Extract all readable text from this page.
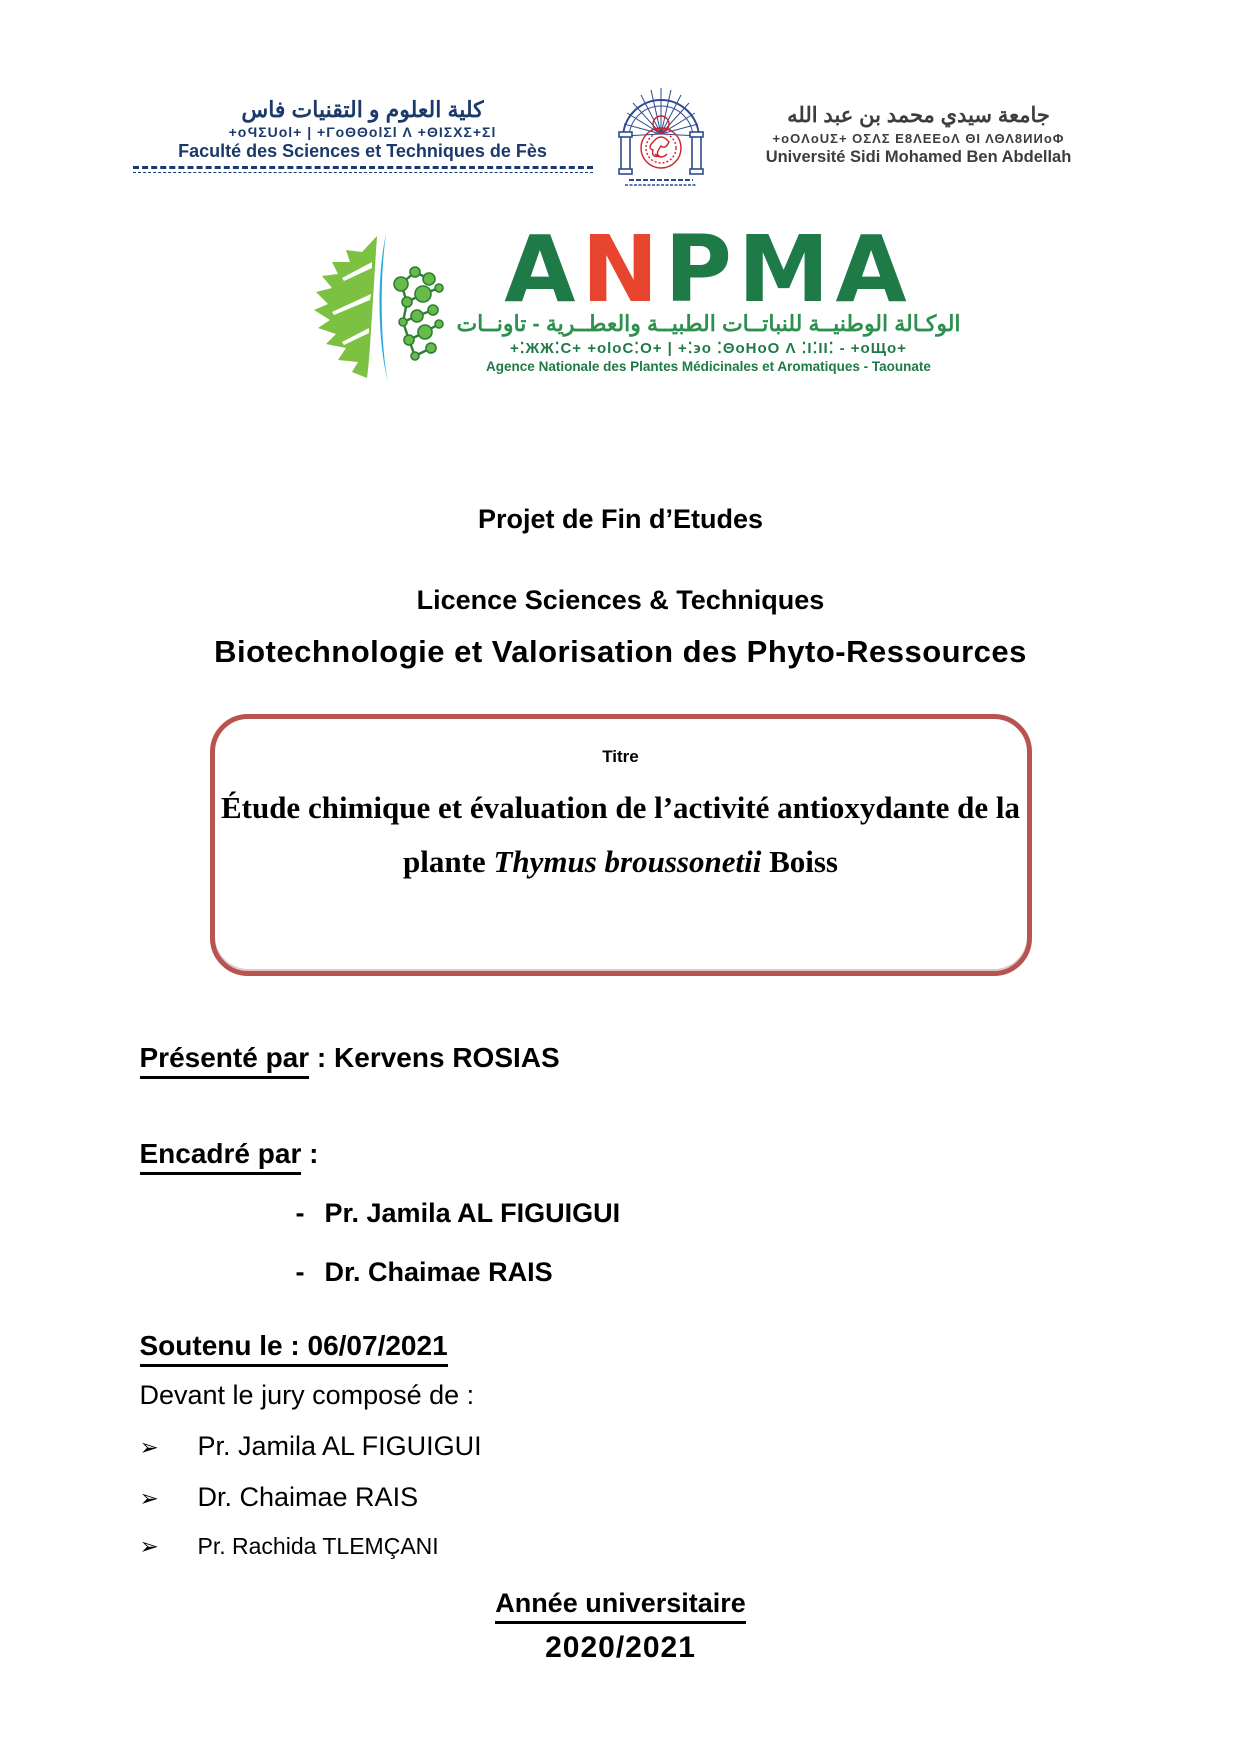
كلية العلوم و التقنيات فاس
+oϤΣUol+ | +ΓoΘΘolΣl Λ +ΘΙΣΧΣ+Σl
Faculté des Sciences et Techniques de Fès
جامعة سيدي محمد بن عبد الله
+oOΛoUΣ+ OΣΛΣ Ε8ΛΕΕoΛ ΘΙ ΛΘΛ8ИИoΦ
Université Sidi Mohamed Ben Abdellah
ANPMA
الوكـالة الوطنيــة للنباتــات الطبيــة والعطــرية - تاونــات
+⁚ЖЖ⁚Ϲ+ +oloϹ⁚O+ | +⁚϶o ⁚ΘoΗoO Λ ⁚Ι⁚ΙΙ⁚ - +oЩo+
Agence Nationale des Plantes Médicinales et Aromatiques - Taounate
Projet de Fin d’Etudes
Licence Sciences & Techniques
Biotechnologie et Valorisation des Phyto-Ressources
Titre
Étude chimique et évaluation de l’activité antioxydante de la
plante Thymus broussonetii Boiss
Présenté par : Kervens ROSIAS
Encadré par :
- Pr. Jamila AL FIGUIGUI
- Dr. Chaimae RAIS
Soutenu le : 06/07/2021
Devant le jury composé de :
➢	Pr. Jamila AL FIGUIGUI
➢	Dr. Chaimae RAIS
➢	Pr. Rachida TLEMÇANI
Année universitaire
2020/2021
